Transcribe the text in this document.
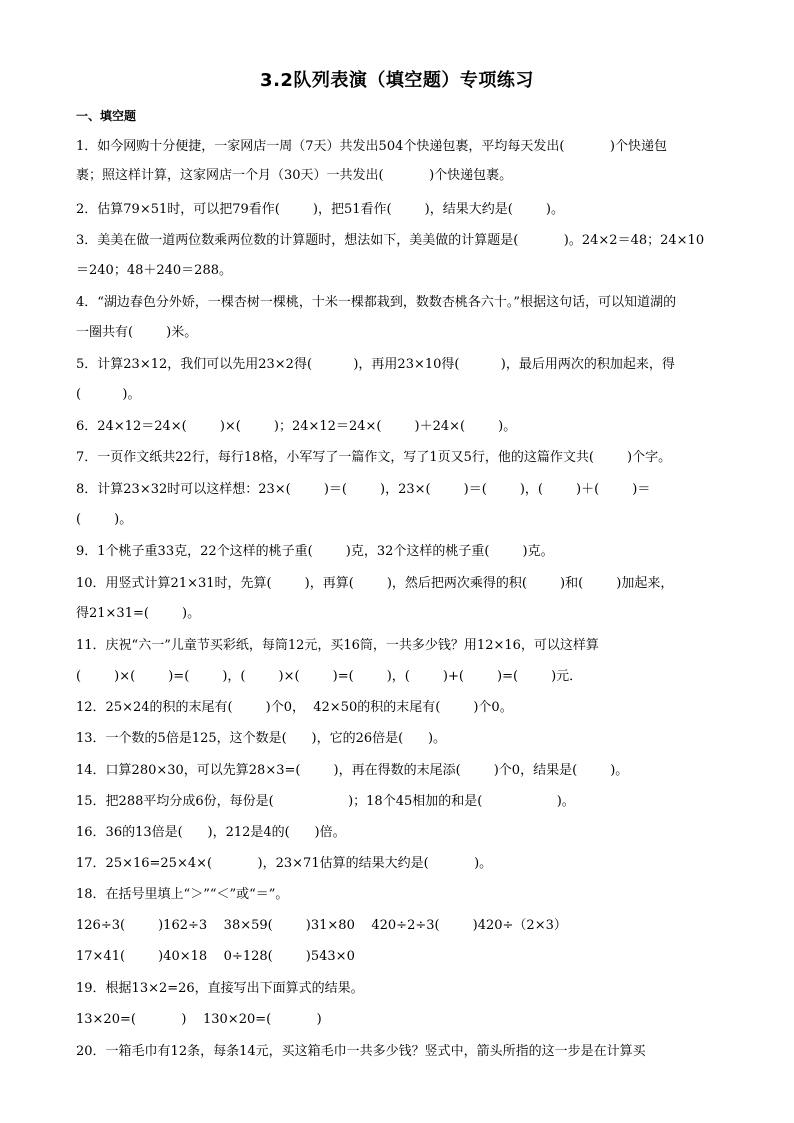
3.2队列表演（填空题）专项练习
一、填空题
1．如今网购十分便捷，一家网店一周（7天）共发出504个快递包裹，平均每天发出(           )个快递包
裹；照这样计算，这家网店一个月（30天）一共发出(           )个快递包裹。
2．估算79×51时，可以把79看作(        )，把51看作(        )，结果大约是(        )。
3．美美在做一道两位数乘两位数的计算题时，想法如下，美美做的计算题是(           )。24×2＝48；24×10
＝240；48＋240＝288。
4．“湖边春色分外娇，一棵杏树一棵桃，十米一棵都栽到，数数杏桃各六十。”根据这句话，可以知道湖的
一圈共有(        )米。
5．计算23×12，我们可以先用23×2得(          )，再用23×10得(          )，最后用两次的积加起来，得
(          )。
6．24×12＝24×(        )×(        )；24×12＝24×(        )＋24×(        )。
7．一页作文纸共22行，每行18格，小军写了一篇作文，写了1页又5行，他的这篇作文共(        )个字。
8．计算23×32时可以这样想：23×(        )＝(        )，23×(        )＝(        )，(        )＋(        )＝
(        )。
9．1个桃子重33克，22个这样的桃子重(        )克，32个这样的桃子重(        )克。
10．用竖式计算21×31时，先算(        )，再算(        )，然后把两次乘得的积(        )和(        )加起来，
得21×31=(        )。
11．庆祝“六一”儿童节买彩纸，每筒12元，买16筒，一共多少钱？用12×16，可以这样算
(        )×(        )=(        )，(        )×(        )=(        )，(        )+(        )=(        )元．
12．25×24的积的末尾有(        )个0，  42×50的积的末尾有(        )个0。
13．一个数的5倍是125，这个数是(      )，它的26倍是(      )。
14．口算280×30，可以先算28×3=(        )，再在得数的末尾添(        )个0，结果是(        )。
15．把288平均分成6份，每份是(                  )；18个45相加的和是(                  )。
16．36的13倍是(      )，212是4的(      )倍。
17．25×16=25×4×(           )，23×71估算的结果大约是(           )。
18．在括号里填上“＞”“＜”或“＝”。
126÷3(        )162÷3    38×59(        )31×80    420÷2÷3(        )420÷（2×3）
17×41(        )40×18    0÷128(        )543×0
19．根据13×2=26，直接写出下面算式的结果。
13×20=(           )    130×20=(           )
20．一箱毛巾有12条，每条14元，买这箱毛巾一共多少钱？竖式中，箭头所指的这一步是在计算买
